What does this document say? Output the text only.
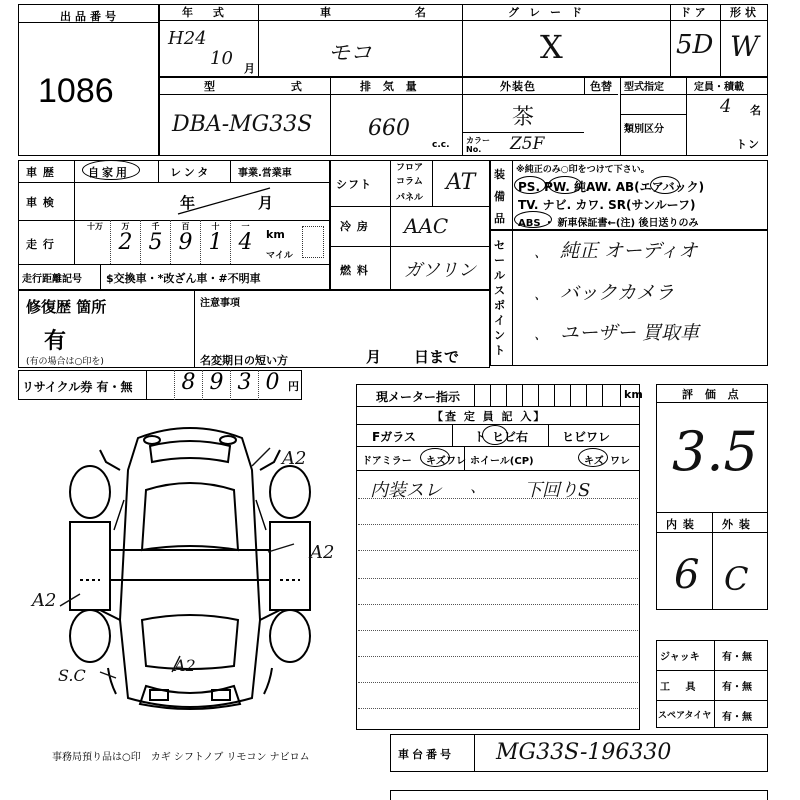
出品番号
1086
年 式
H24
10 月
車 名
モコ
グレード
X
ドア
5D
形状
W
型 式
DBA-MG33S
排 気 量
660
c.c.
外装色	色替
茶
カラー No.	Z5F
型式指定
類別区分
定員・積載
4 名
トン
車 歴	自家用	レンタ	事業.営業車
車 検	年	月
走 行
十万	万
2
千
5
百
9
十
1
一
4	km
マイル
走行距離記号 $交換車・*改ざん車・#不明車
シフト
フロア
コラム
パネル
AT
冷 房 AAC
燃 料 ガソリン
装備品
※純正のみ○印をつけて下さい。
PS. PW. 純AW. AB(エアバック)
TV. ナビ. カワ. SR(サンルーフ)
ABS ・ 新車保証書←(注) 後日送りのみ
セールスポイント
純正 オーディオ
バックカメラ
ユーザー 買取車
、
、
、
修復歴 箇所
有
(有の場合は○印を)
注意事項
名変期日の短い方	月 日まで
リサイクル券 有・無 8 9 3 0 円
A2
A2
A2
A2
S.C
現メーター指示	km
【査 定 員 記 入】
Fガラス	ト ヒビ右	ヒビワレ
ドアミラー キズ ワレ ホイール(CP)	キズ ワレ
内装スレ 、 下回りS
評 価 点
3.5
内 装 外 装
6 C
ジャッキ 有・無
工 具 有・無
スペアタイヤ 有・無
事務局預り品は○印　カギ シフトノブ リモコン ナビロム	車台番号 MG33S-196330
